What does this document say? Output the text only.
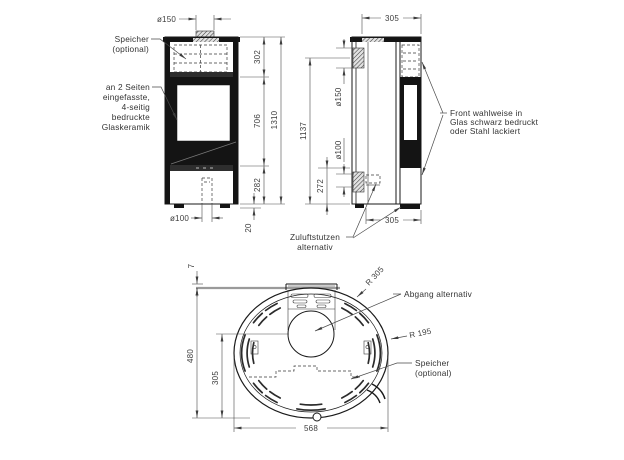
ø150
302
706
282
1310
20
ø100
Speicher
(optional)
an 2 Seiten
eingefasste,
4-seitig
bedruckte
Glaskeramik
305
305
1137
ø150
ø100
272
Front wahlweise in
Glas schwarz bedruckt
oder Stahl lackiert
Zuluftstutzen
alternativ
7
480
305
568
R 305
Abgang alternativ
R 195
Speicher
(optional)
